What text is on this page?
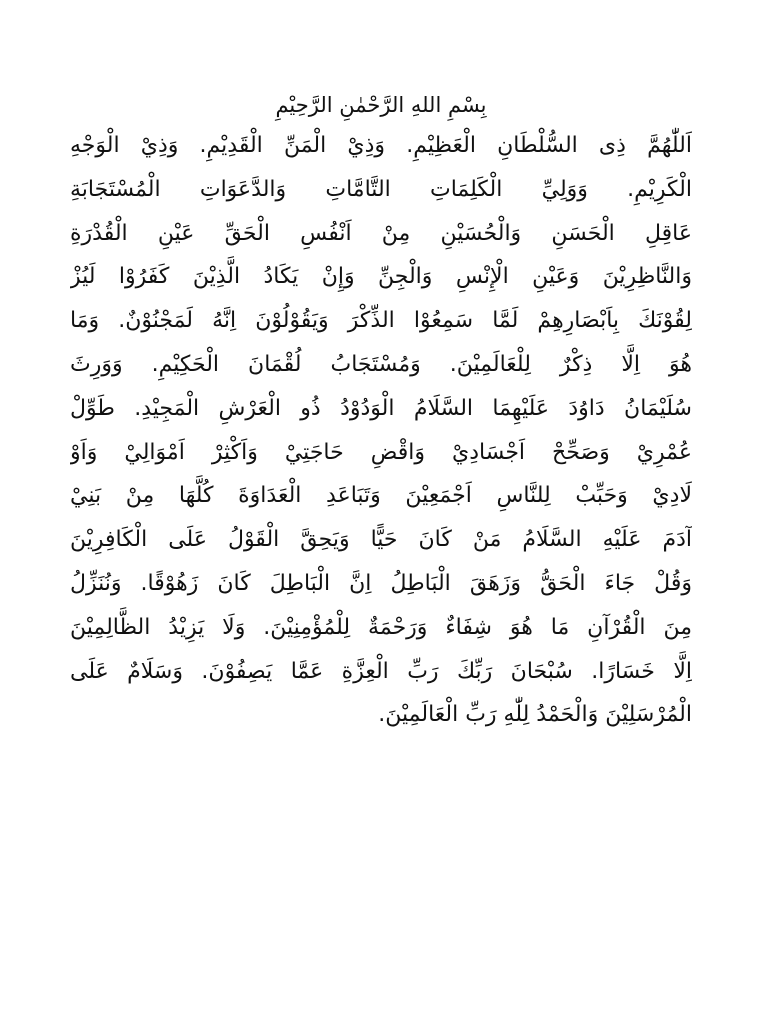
بِسْمِ اللهِ الرَّحْمٰنِ الرَّحِيْمِ
اَللّٰهُمَّ ذِى السُّلْطَانِ الْعَظِيْمِ. وَذِيْ الْمَنِّ الْقَدِيْمِ. وَذِيْ الْوَجْهِ
الْكَرِيْمِ. وَوَلِيِّ الْكَلِمَاتِ التَّامَّاتِ وَالدَّعَوَاتِ الْمُسْتَجَابَةِ
عَاقِلِ الْحَسَنِ وَالْحُسَيْنِ مِنْ اَنْفُسِ الْحَقِّ عَيْنِ الْقُدْرَةِ
وَالنَّاظِرِيْنَ وَعَيْنِ الْإِنْسِ وَالْجِنِّ وَإِنْ يَكَادُ الَّذِيْنَ كَفَرُوْا لَيُزْ
لِقُوْنَكَ بِاَبْصَارِهِمْ لَمَّا سَمِعُوْا الذِّكْرَ وَيَقُوْلُوْنَ اِنَّهُ لَمَجْنُوْنٌ. وَمَا
هُوَ اِلَّا ذِكْرٌ لِلْعَالَمِيْنَ. وَمُسْتَجَابُ لُقْمَانَ الْحَكِيْمِ. وَوَرِثَ
سُلَيْمَانُ دَاوُدَ عَلَيْهِمَا السَّلَامُ الْوَدُوْدُ ذُو الْعَرْشِ الْمَجِيْدِ. طَوِّلْ
عُمْرِيْ وَصَحِّحْ اَجْسَادِيْ وَاقْضِ حَاجَتِيْ وَاَكْثِرْ اَمْوَالِيْ وَاَوْ
لَادِيْ وَحَبِّبْ لِلنَّاسِ اَجْمَعِيْنَ وَتَبَاعَدِ الْعَدَاوَةَ كُلَّهَا مِنْ بَنِيْ
آدَمَ عَلَيْهِ السَّلَامُ مَنْ كَانَ حَيًّا وَيَحِقَّ الْقَوْلُ عَلَى الْكَافِرِيْنَ
وَقُلْ جَاءَ الْحَقُّ وَزَهَقَ الْبَاطِلُ اِنَّ الْبَاطِلَ كَانَ زَهُوْقًا. وَنُنَزِّلُ
مِنَ الْقُرْآنِ مَا هُوَ شِفَاءٌ وَرَحْمَةٌ لِلْمُؤْمِنِيْنَ. وَلَا يَزِيْدُ الظَّالِمِيْنَ
اِلَّا خَسَارًا. سُبْحَانَ رَبِّكَ رَبِّ الْعِزَّةِ عَمَّا يَصِفُوْنَ. وَسَلَامٌ عَلَى
الْمُرْسَلِيْنَ وَالْحَمْدُ لِلّٰهِ رَبِّ الْعَالَمِيْنَ.
